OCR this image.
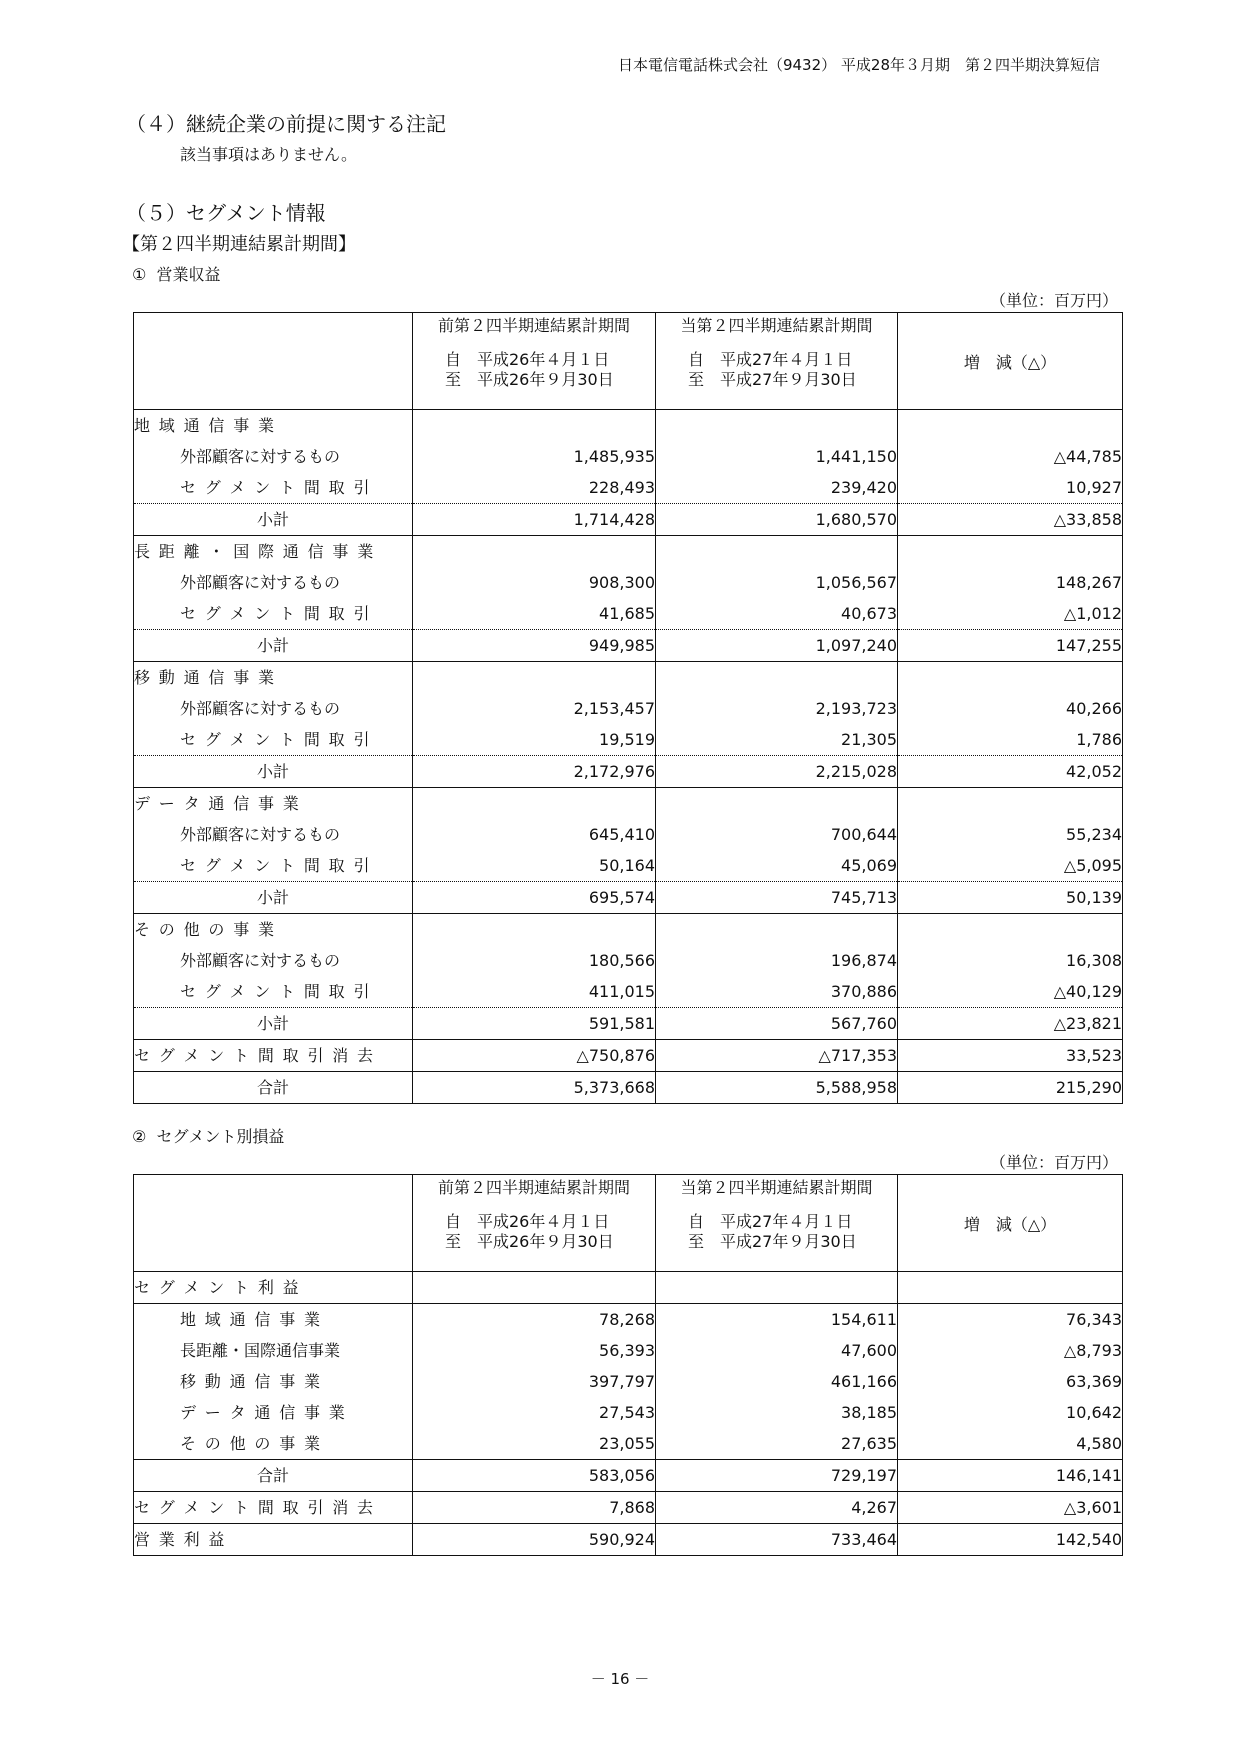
日本電信電話株式会社（9432） 平成28年３月期　第２四半期決算短信
（４）継続企業の前提に関する注記
該当事項はありません。
（５）セグメント情報
【第２四半期連結累計期間】
①  営業収益
（単位：百万円）

	前第２四半期連結累計期間
自　平成26年４月１日
至　平成26年９月30日	当第２四半期連結累計期間
自　平成27年４月１日
至　平成27年９月30日	増　減（△）
地域通信事業			
外部顧客に対するもの	1,485,935	1,441,150	△44,785
セグメント間取引	228,493	239,420	10,927
小計	1,714,428	1,680,570	△33,858
長距離・国際通信事業			
外部顧客に対するもの	908,300	1,056,567	148,267
セグメント間取引	41,685	40,673	△1,012
小計	949,985	1,097,240	147,255
移動通信事業			
外部顧客に対するもの	2,153,457	2,193,723	40,266
セグメント間取引	19,519	21,305	1,786
小計	2,172,976	2,215,028	42,052
データ通信事業			
外部顧客に対するもの	645,410	700,644	55,234
セグメント間取引	50,164	45,069	△5,095
小計	695,574	745,713	50,139
その他の事業			
外部顧客に対するもの	180,566	196,874	16,308
セグメント間取引	411,015	370,886	△40,129
小計	591,581	567,760	△23,821
セグメント間取引消去	△750,876	△717,353	33,523
合計	5,373,668	5,588,958	215,290
②  セグメント別損益
（単位：百万円）

	前第２四半期連結累計期間
自　平成26年４月１日
至　平成26年９月30日	当第２四半期連結累計期間
自　平成27年４月１日
至　平成27年９月30日	増　減（△）
セグメント利益			
地域通信事業	78,268	154,611	76,343
長距離・国際通信事業	56,393	47,600	△8,793
移動通信事業	397,797	461,166	63,369
データ通信事業	27,543	38,185	10,642
その他の事業	23,055	27,635	4,580
合計	583,056	729,197	146,141
セグメント間取引消去	7,868	4,267	△3,601
営業利益	590,924	733,464	142,540
－ 16 －
